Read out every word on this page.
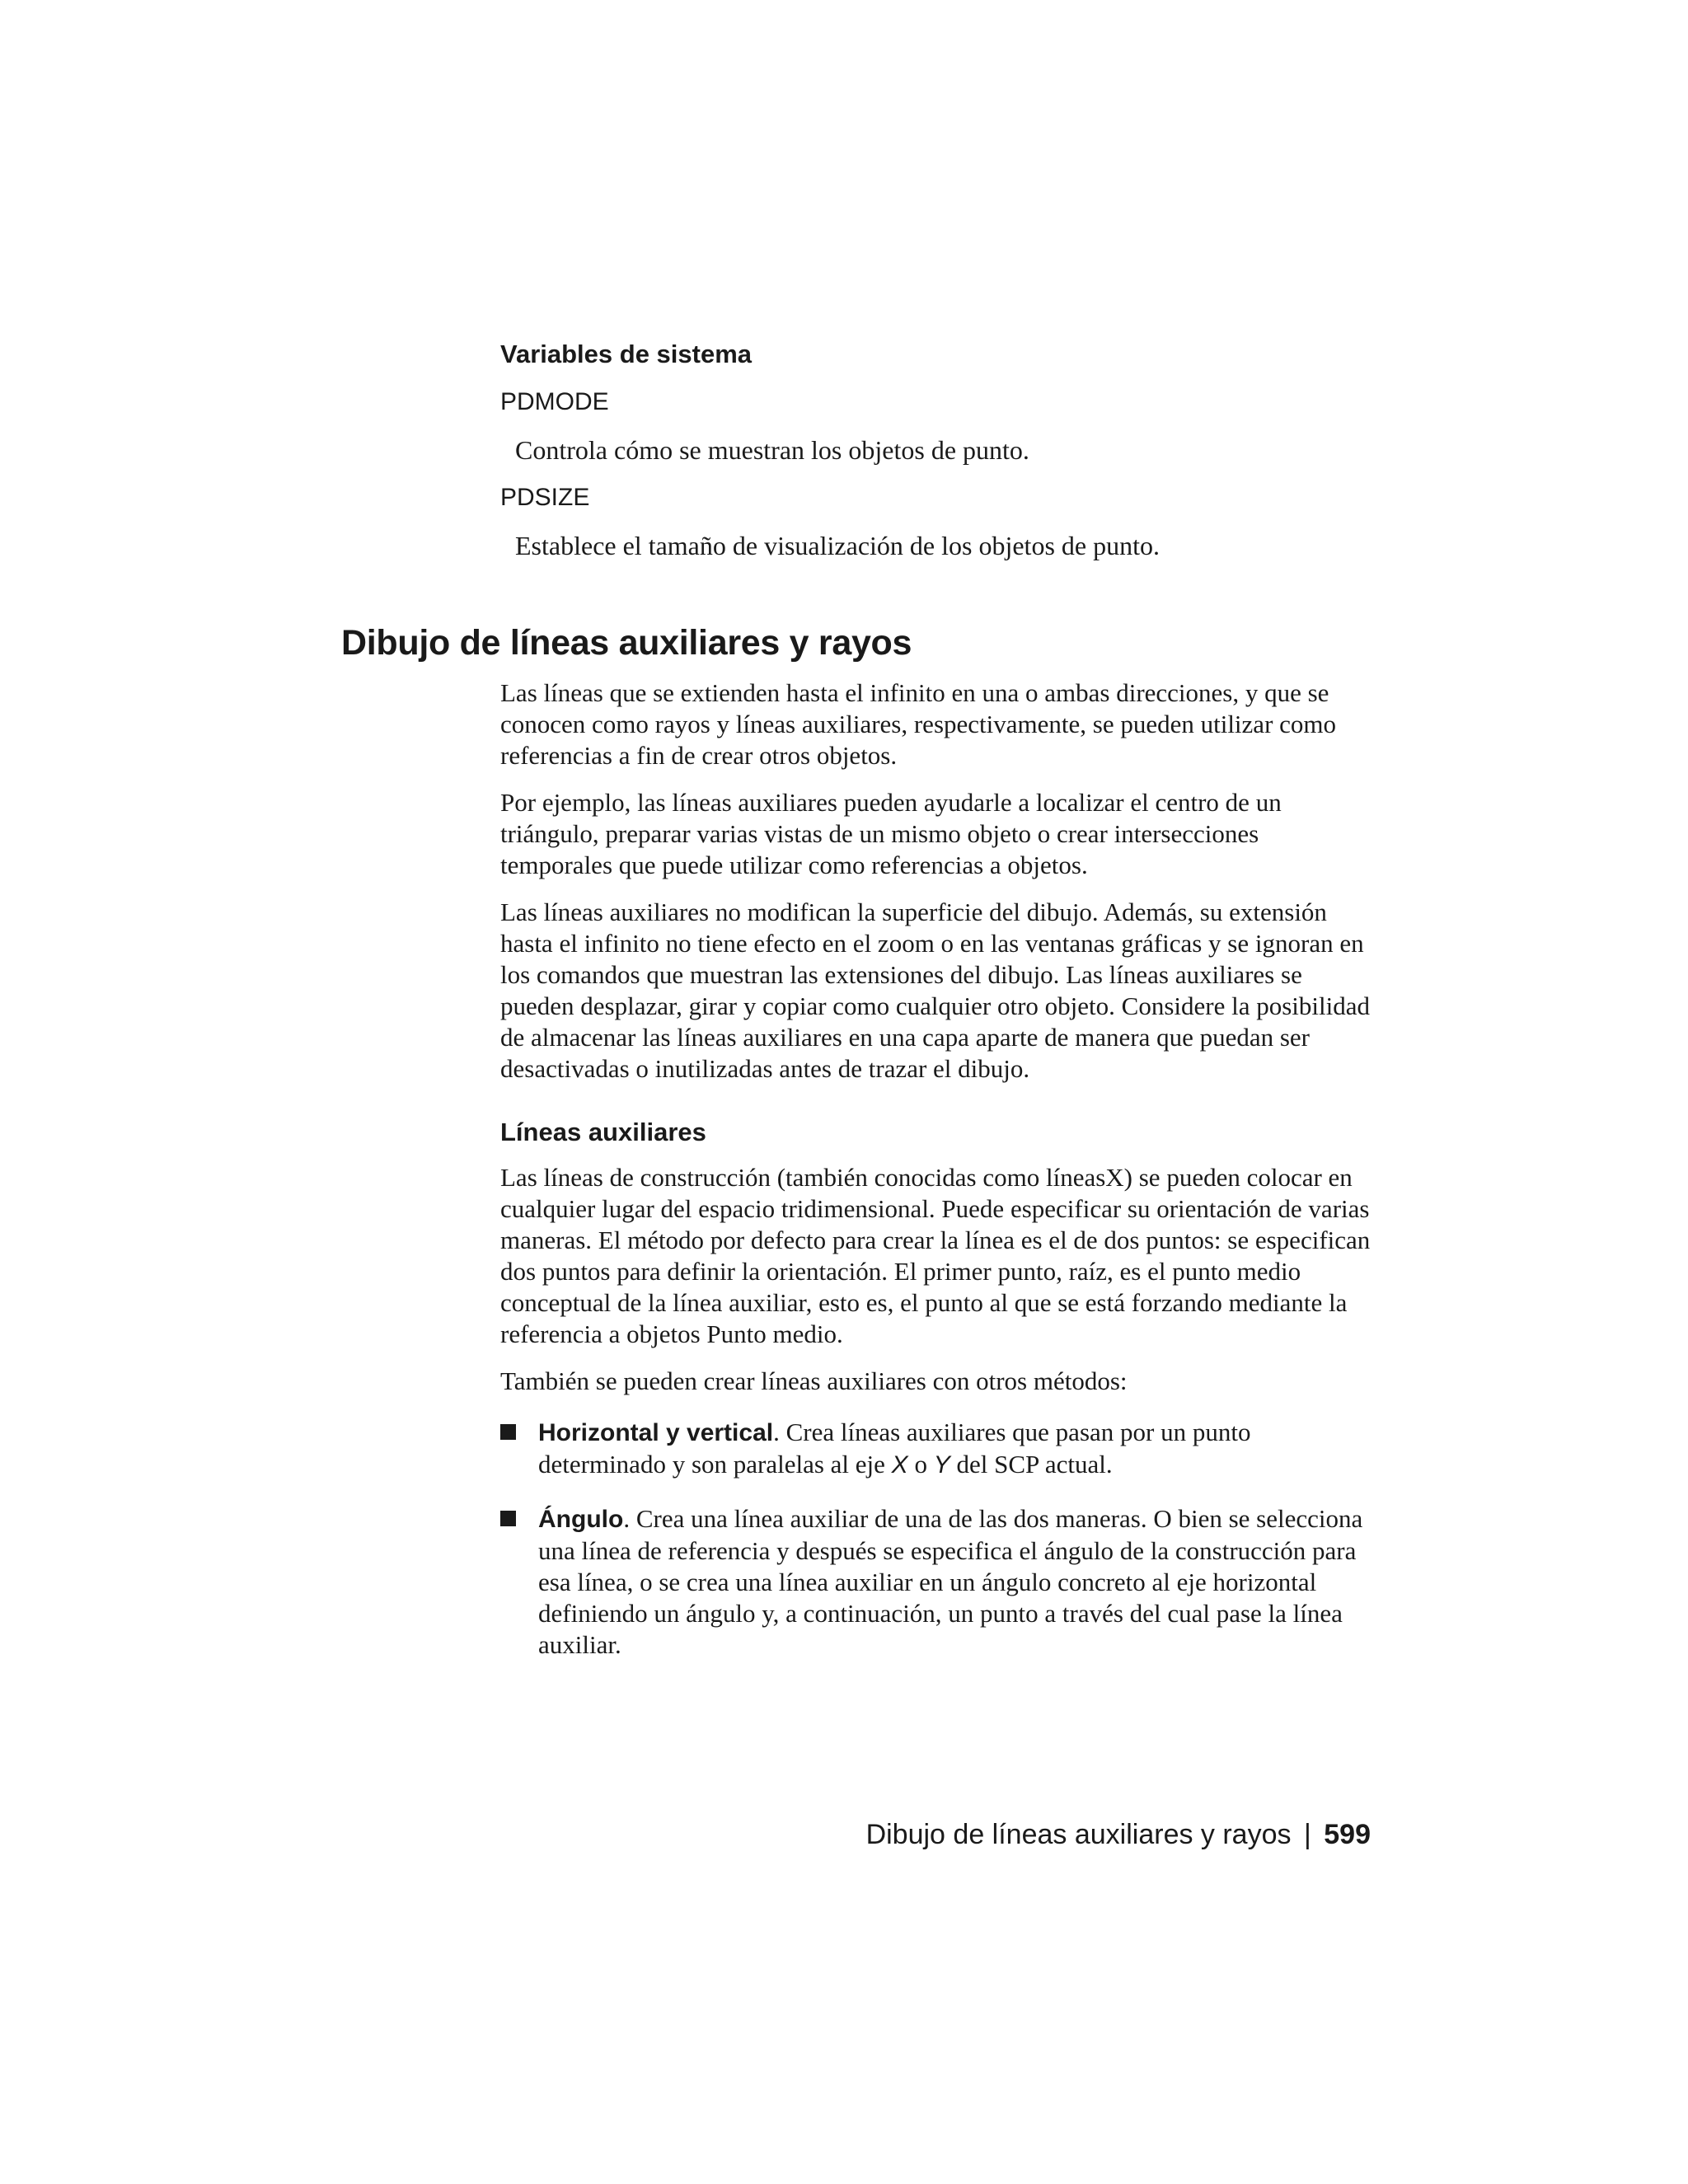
Variables de sistema
PDMODE
Controla cómo se muestran los objetos de punto.
PDSIZE
Establece el tamaño de visualización de los objetos de punto.
Dibujo de líneas auxiliares y rayos

Las líneas que se extienden hasta el infinito en una o ambas direcciones, y que se conocen como rayos y líneas auxiliares, respectivamente, se pueden utilizar como referencias a fin de crear otros objetos.

Por ejemplo, las líneas auxiliares pueden ayudarle a localizar el centro de un triángulo, preparar varias vistas de un mismo objeto o crear intersecciones temporales que puede utilizar como referencias a objetos.

Las líneas auxiliares no modifican la superficie del dibujo. Además, su extensión hasta el infinito no tiene efecto en el zoom o en las ventanas gráficas y se ignoran en los comandos que muestran las extensiones del dibujo. Las líneas auxiliares se pueden desplazar, girar y copiar como cualquier otro objeto. Considere la posibilidad de almacenar las líneas auxiliares en una capa aparte de manera que puedan ser desactivadas o inutilizadas antes de trazar el dibujo.

Líneas auxiliares

Las líneas de construcción (también conocidas como líneasX) se pueden colocar en cualquier lugar del espacio tridimensional. Puede especificar su orientación de varias maneras. El método por defecto para crear la línea es el de dos puntos: se especifican dos puntos para definir la orientación. El primer punto, raíz, es el punto medio conceptual de la línea auxiliar, esto es, el punto al que se está forzando mediante la referencia a objetos Punto medio.

También se pueden crear líneas auxiliares con otros métodos:

Horizontal y vertical. Crea líneas auxiliares que pasan por un punto determinado y son paralelas al eje X o Y del SCP actual.
Ángulo. Crea una línea auxiliar de una de las dos maneras. O bien se selecciona una línea de referencia y después se especifica el ángulo de la construcción para esa línea, o se crea una línea auxiliar en un ángulo concreto al eje horizontal definiendo un ángulo y, a continuación, un punto a través del cual pase la línea auxiliar.
Dibujo de líneas auxiliares y rayos | 599
